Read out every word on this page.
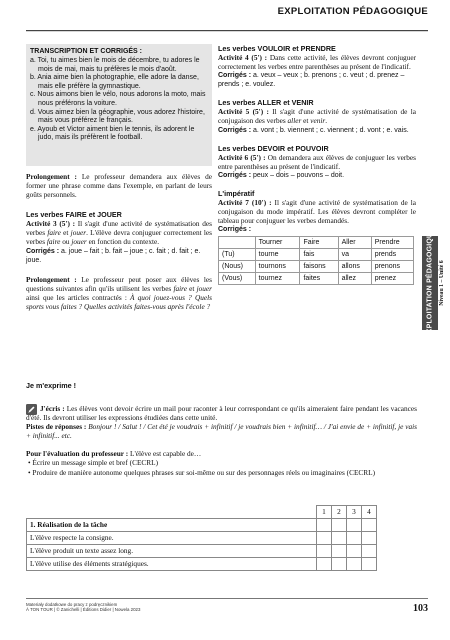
EXPLOITATION PÉDAGOGIQUE
TRANSCRIPTION ET CORRIGÉS :
a. Toi, tu aimes bien le mois de décembre, tu adores le mois de mai, mais tu préfères le mois d'août.
b. Ania aime bien la photographie, elle adore la danse, mais elle préfère la gymnastique.
c. Nous aimons bien le vélo, nous adorons la moto, mais nous préférons la voiture.
d. Vous aimez bien la géographie, vous adorez l'histoire, mais vous préférez le français.
e. Ayoub et Victor aiment bien le tennis, ils adorent le judo, mais ils préfèrent le football.

Prolongement : Le professeur demandera aux élèves de former une phrase comme dans l'exemple, en parlant de leurs goûts personnels.

Les verbes FAIRE et JOUER

Activité 3 (5') : Il s'agit d'une activité de systématisation des verbes faire et jouer. L'élève devra conjuguer correctement les verbes faire ou jouer en fonction du contexte.

Corrigés : a. joue – fait ; b. fait – joue ; c. fait ; d. fait ; e. joue.

Prolongement : Le professeur peut poser aux élèves les questions suivantes afin qu'ils utilisent les verbes faire et jouer ainsi que les articles contractés : À quoi jouez-vous ? Quels sports vous faites ? Quelles activités faites-vous après l'école ?

Les verbes VOULOIR et PRENDRE

Activité 4 (5') : Dans cette activité, les élèves devront conjuguer correctement les verbes entre parenthèses au présent de l'indicatif.

Corrigés : a. veux – veux ; b. prenons ; c. veut ; d. prenez – prends ; e. voulez.

Les verbes ALLER et VENIR

Activité 5 (5') : Il s'agit d'une activité de systématisation de la conjugaison des verbes aller et venir.

Corrigés : a. vont ; b. viennent ; c. viennent ; d. vont ; e. vais.

Les verbes DEVOIR et POUVOIR

Activité 6 (5') : On demandera aux élèves de conjuguer les verbes entre parenthèses au présent de l'indicatif.

Corrigés : peux – dois – pouvons – doit.

L'impératif

Activité 7 (10') : Il s'agit d'une activité de systématisation de la conjugaison du mode impératif. Les élèves devront compléter le tableau pour conjuguer les verbes demandés.

Corrigés :

	Tourner	Faire	Aller	Prendre
(Tu)	tourne	fais	va	prends
(Nous)	tournons	faisons	allons	prenons
(Vous)	tournez	faites	allez	prenez	EXPLOITATION PÉDAGOGIQUE Niveau 1 – Unité 6
Je m'exprime !

J'écris : Les élèves vont devoir écrire un mail pour raconter à leur correspondant ce qu'ils aimeraient faire pendant les vacances d'été. Ils devront utiliser les expressions étudiées dans cette unité.

Pistes de réponses : Bonjour ! / Salut ! / Cet été je voudrais + infinitif / je voudrais bien + infinitif… / J'ai envie de + infinitif, je vais + infinitif... etc.

Pour l'évaluation du professeur : L'élève est capable de…

• Écrire un message simple et bref (CECRL)

• Produire de manière autonome quelques phrases sur soi-même ou sur des personnages réels ou imaginaires (CECRL)

	1	2	3	4
1. Réalisation de la tâche				
L'élève respecte la consigne.				
L'élève produit un texte assez long.				
L'élève utilise des éléments stratégiques.				
Materiały dodatkowe do pracy z podręcznikiem
À TON TOUR | © Zanichelli | Éditions Didier | Nowela 2023	103
